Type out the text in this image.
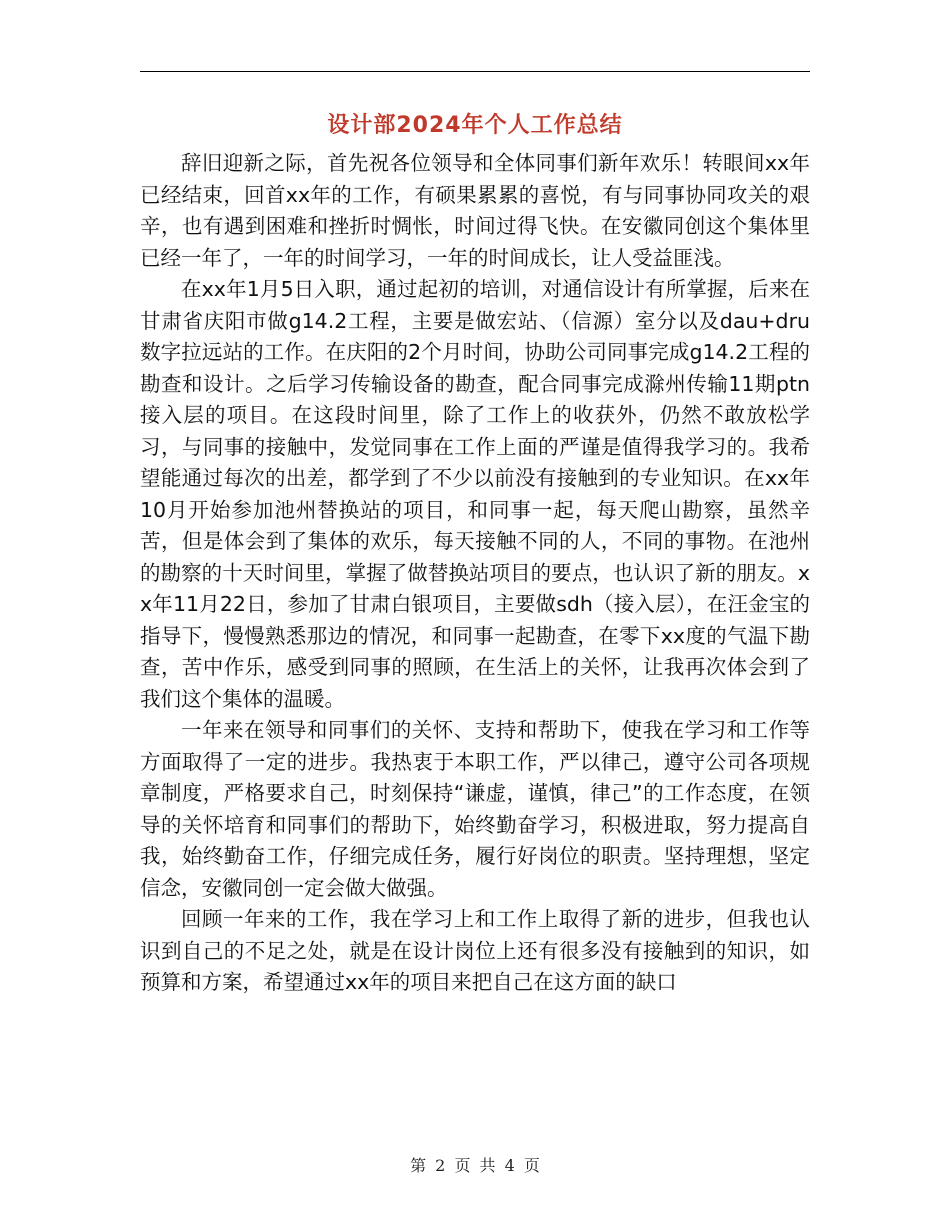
设计部2024年个人工作总结

辞旧迎新之际，首先祝各位领导和全体同事们新年欢乐！转眼间xx年已经结束，回首xx年的工作，有硕果累累的喜悦，有与同事协同攻关的艰辛，也有遇到困难和挫折时惆怅，时间过得飞快。在安徽同创这个集体里已经一年了，一年的时间学习，一年的时间成长，让人受益匪浅。

在xx年1月5日入职，通过起初的培训，对通信设计有所掌握，后来在甘肃省庆阳市做g14.2工程，主要是做宏站、（信源）室分以及dau+dru数字拉远站的工作。在庆阳的2个月时间，协助公司同事完成g14.2工程的勘查和设计。之后学习传输设备的勘查，配合同事完成滁州传输11期ptn接入层的项目。在这段时间里，除了工作上的收获外，仍然不敢放松学习，与同事的接触中，发觉同事在工作上面的严谨是值得我学习的。我希望能通过每次的出差，都学到了不少以前没有接触到的专业知识。在xx年10月开始参加池州替换站的项目，和同事一起，每天爬山勘察，虽然辛苦，但是体会到了集体的欢乐，每天接触不同的人，不同的事物。在池州的勘察的十天时间里，掌握了做替换站项目的要点，也认识了新的朋友。xx年11月22日，参加了甘肃白银项目，主要做sdh（接入层），在汪金宝的指导下，慢慢熟悉那边的情况，和同事一起勘查，在零下xx度的气温下勘查，苦中作乐，感受到同事的照顾，在生活上的关怀，让我再次体会到了我们这个集体的温暖。

一年来在领导和同事们的关怀、支持和帮助下，使我在学习和工作等方面取得了一定的进步。我热衷于本职工作，严以律己，遵守公司各项规章制度，严格要求自己，时刻保持“谦虚，谨慎，律己”的工作态度，在领导的关怀培育和同事们的帮助下，始终勤奋学习，积极进取，努力提高自我，始终勤奋工作，仔细完成任务，履行好岗位的职责。坚持理想，坚定信念，安徽同创一定会做大做强。

回顾一年来的工作，我在学习上和工作上取得了新的进步，但我也认识到自己的不足之处，就是在设计岗位上还有很多没有接触到的知识，如预算和方案，希望通过xx年的项目来把自己在这方面的缺口

第 2 页 共 4 页
